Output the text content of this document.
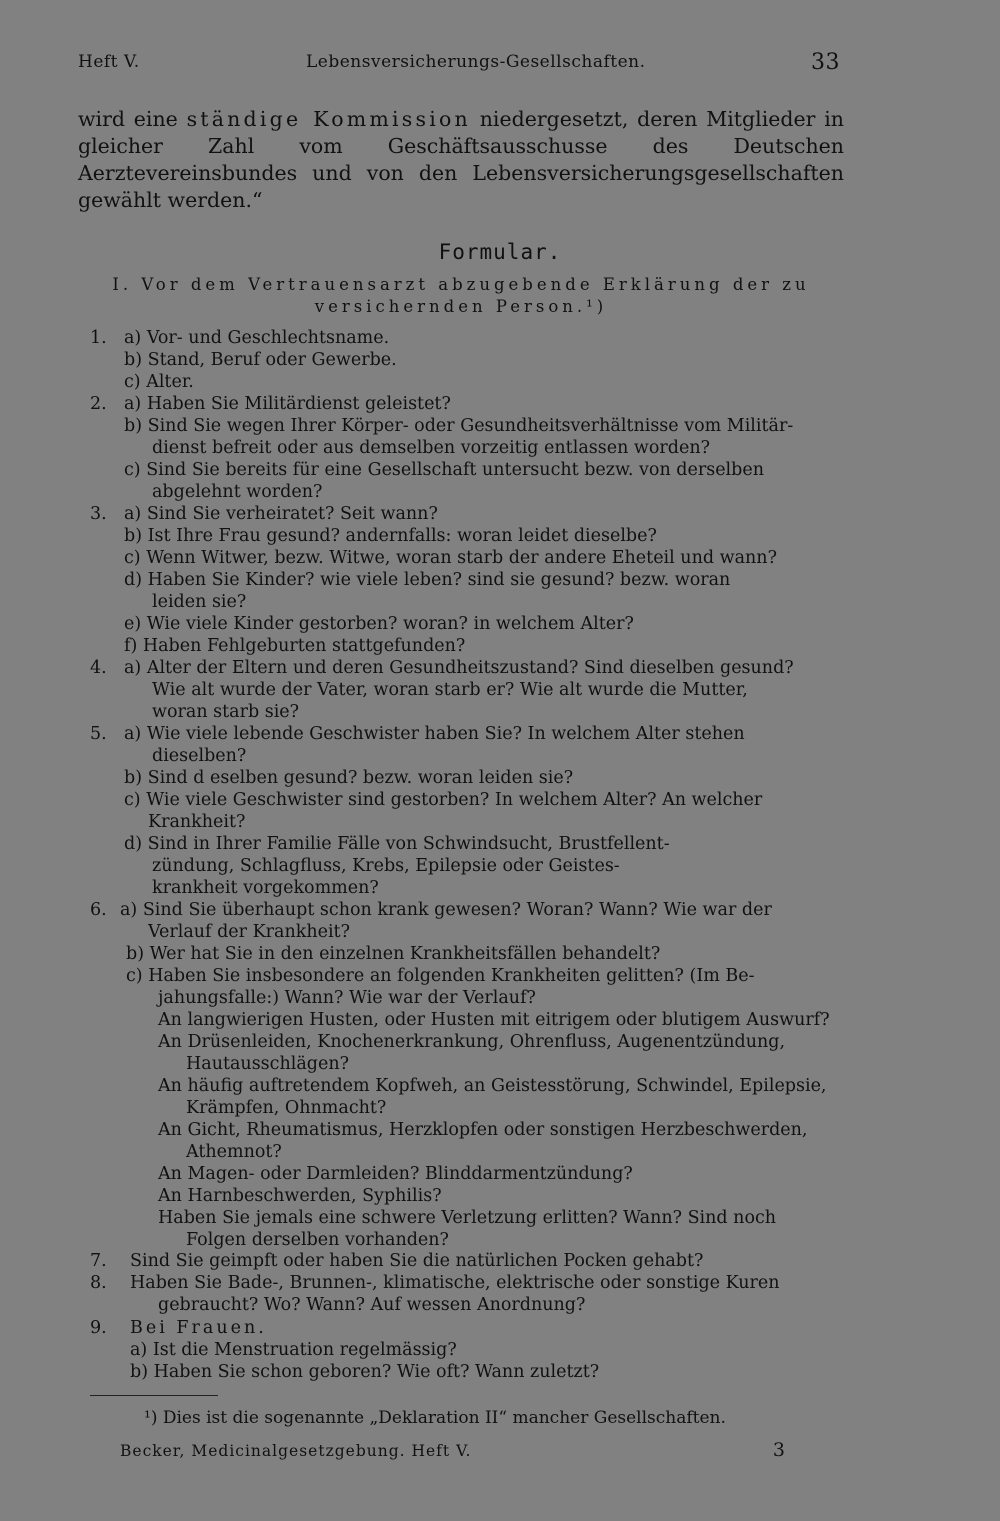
Heft V.	Lebensversicherungs-Gesellschaften.	33
wird eine ständige Kommission niedergesetzt, deren Mitglieder in gleicher Zahl vom Geschäftsausschusse des Deutschen Aerztevereinsbundes und von den Lebensversicherungsgesellschaften gewählt werden.“
Formular.
I. Vor dem Vertrauensarzt abzugebende Erklärung der zu versichernden Person.¹)
1.
2.
3.
4.
5.
6.
7.
8.
9.
a) Vor- und Geschlechtsname.
b) Stand, Beruf oder Gewerbe.
c) Alter.
a) Haben Sie Militärdienst geleistet?
b) Sind Sie wegen Ihrer Körper- oder Gesundheitsverhältnisse vom Militär-
dienst befreit oder aus demselben vorzeitig entlassen worden?
c) Sind Sie bereits für eine Gesellschaft untersucht bezw. von derselben
abgelehnt worden?
a) Sind Sie verheiratet? Seit wann?
b) Ist Ihre Frau gesund? andernfalls: woran leidet dieselbe?
c) Wenn Witwer, bezw. Witwe, woran starb der andere Eheteil und wann?
d) Haben Sie Kinder? wie viele leben? sind sie gesund? bezw. woran
leiden sie?
e) Wie viele Kinder gestorben? woran? in welchem Alter?
f) Haben Fehlgeburten stattgefunden?
a) Alter der Eltern und deren Gesundheitszustand? Sind dieselben gesund?
Wie alt wurde der Vater, woran starb er? Wie alt wurde die Mutter,
woran starb sie?
a) Wie viele lebende Geschwister haben Sie? In welchem Alter stehen
dieselben?
b) Sind d eselben gesund? bezw. woran leiden sie?
c) Wie viele Geschwister sind gestorben? In welchem Alter? An welcher
Krankheit?
d) Sind in Ihrer Familie Fälle von Schwindsucht, Brustfellent-
zündung, Schlagfluss, Krebs, Epilepsie oder Geistes-
krankheit vorgekommen?
a) Sind Sie überhaupt schon krank gewesen? Woran? Wann? Wie war der
Verlauf der Krankheit?
b) Wer hat Sie in den einzelnen Krankheitsfällen behandelt?
c) Haben Sie insbesondere an folgenden Krankheiten gelitten? (Im Be-
jahungsfalle:) Wann? Wie war der Verlauf?
An langwierigen Husten, oder Husten mit eitrigem oder blutigem Auswurf?
An Drüsenleiden, Knochenerkrankung, Ohrenfluss, Augenentzündung,
Hautausschlägen?
An häufig auftretendem Kopfweh, an Geistesstörung, Schwindel, Epilepsie,
Krämpfen, Ohnmacht?
An Gicht, Rheumatismus, Herzklopfen oder sonstigen Herzbeschwerden,
Athemnot?
An Magen- oder Darmleiden? Blinddarmentzündung?
An Harnbeschwerden, Syphilis?
Haben Sie jemals eine schwere Verletzung erlitten? Wann? Sind noch
Folgen derselben vorhanden?
Sind Sie geimpft oder haben Sie die natürlichen Pocken gehabt?
Haben Sie Bade-, Brunnen-, klimatische, elektrische oder sonstige Kuren
gebraucht? Wo? Wann? Auf wessen Anordnung?
Bei Frauen.
a) Ist die Menstruation regelmässig?
b) Haben Sie schon geboren? Wie oft? Wann zuletzt?
¹) Dies ist die sogenannte „Deklaration II“ mancher Gesellschaften.
Becker, Medicinalgesetzgebung. Heft V.	3
